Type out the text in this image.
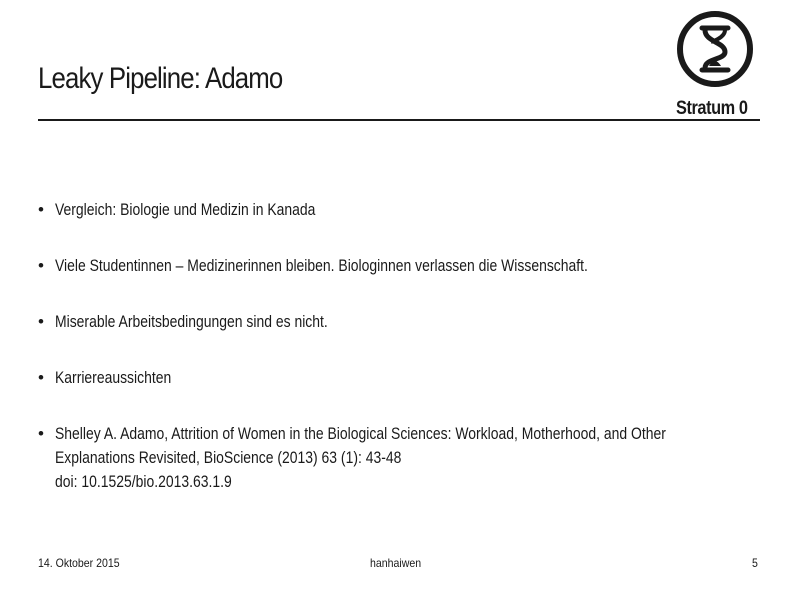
Leaky Pipeline: Adamo
Stratum 0
• Vergleich: Biologie und Medizin in Kanada
• Viele Studentinnen – Medizinerinnen bleiben. Biologinnen verlassen die Wissenschaft.
• Miserable Arbeitsbedingungen sind es nicht.
• Karriereaussichten
• Shelley A. Adamo, Attrition of Women in the Biological Sciences: Workload, Motherhood, and Other
Explanations Revisited, BioScience (2013) 63 (1): 43-48
doi: 10.1525/bio.2013.63.1.9
14. Oktober 2015	hanhaiwen	5
